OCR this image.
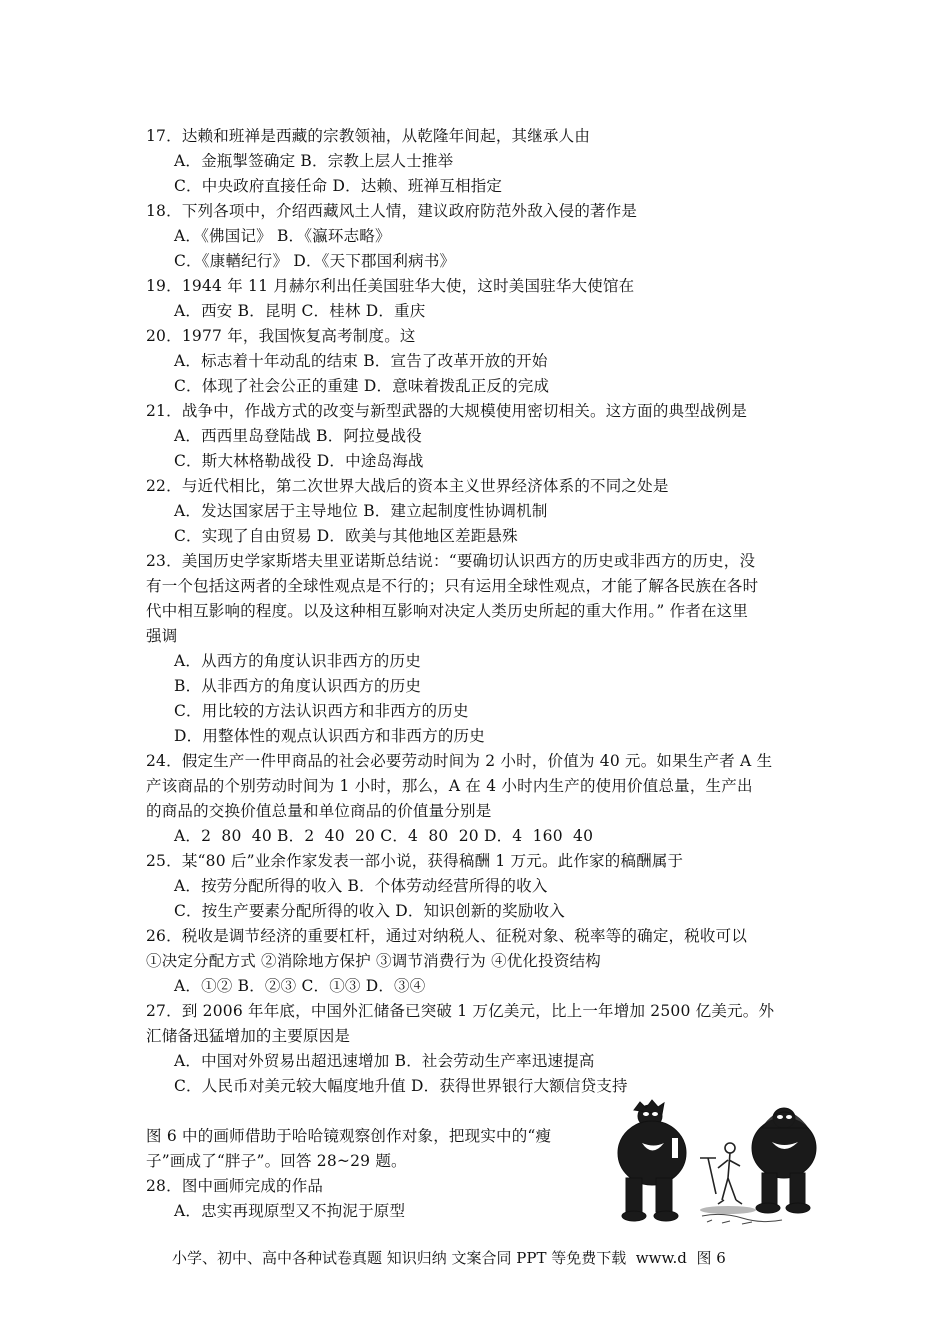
17．达赖和班禅是西藏的宗教领袖，从乾隆年间起，其继承人由
A．金瓶掣签确定 B．宗教上层人士推举
C．中央政府直接任命 D．达赖、班禅互相指定
18．下列各项中，介绍西藏风土人情，建议政府防范外敌入侵的著作是
A．《佛国记》 B．《瀛环志略》
C．《康輶纪行》 D．《天下郡国利病书》
19．1944 年 11 月赫尔利出任美国驻华大使，这时美国驻华大使馆在
A．西安 B．昆明 C．桂林 D．重庆
20．1977 年，我国恢复高考制度。这
A．标志着十年动乱的结束 B．宣告了改革开放的开始
C．体现了社会公正的重建 D．意味着拨乱正反的完成
21．战争中，作战方式的改变与新型武器的大规模使用密切相关。这方面的典型战例是
A．西西里岛登陆战 B．阿拉曼战役
C．斯大林格勒战役 D．中途岛海战
22．与近代相比，第二次世界大战后的资本主义世界经济体系的不同之处是
A．发达国家居于主导地位 B．建立起制度性协调机制
C．实现了自由贸易 D．欧美与其他地区差距悬殊
23．美国历史学家斯塔夫里亚诺斯总结说：“要确切认识西方的历史或非西方的历史，没
有一个包括这两者的全球性观点是不行的；只有运用全球性观点，才能了解各民族在各时
代中相互影响的程度。以及这种相互影响对决定人类历史所起的重大作用。” 作者在这里
强调
A．从西方的角度认识非西方的历史
B．从非西方的角度认识西方的历史
C．用比较的方法认识西方和非西方的历史
D．用整体性的观点认识西方和非西方的历史
24．假定生产一件甲商品的社会必要劳动时间为 2 小时，价值为 40 元。如果生产者 A 生
产该商品的个别劳动时间为 1 小时，那么，A 在 4 小时内生产的使用价值总量，生产出
的商品的交换价值总量和单位商品的价值量分别是
A．2  80  40 B．2  40  20 C．4  80  20 D．4  160  40
25．某“80 后”业余作家发表一部小说，获得稿酬 1 万元。此作家的稿酬属于
A．按劳分配所得的收入 B．个体劳动经营所得的收入
C．按生产要素分配所得的收入 D．知识创新的奖励收入
26．税收是调节经济的重要杠杆，通过对纳税人、征税对象、税率等的确定，税收可以
①决定分配方式 ②消除地方保护 ③调节消费行为 ④优化投资结构
A．①② B．②③ C．①③ D．③④
27．到 2006 年年底，中国外汇储备已突破 1 万亿美元，比上一年增加 2500 亿美元。外
汇储备迅猛增加的主要原因是
A．中国对外贸易出超迅速增加 B．社会劳动生产率迅速提高
C．人民币对美元较大幅度地升值 D．获得世界银行大额信贷支持
图 6 中的画师借助于哈哈镜观察创作对象，把现实中的“瘦
子”画成了“胖子”。回答 28~29 题。
28．图中画师完成的作品
A．忠实再现原型又不拘泥于原型
小学、初中、高中各种试卷真题 知识归纳 文案合同 PPT 等免费下载  www.d  图 6
